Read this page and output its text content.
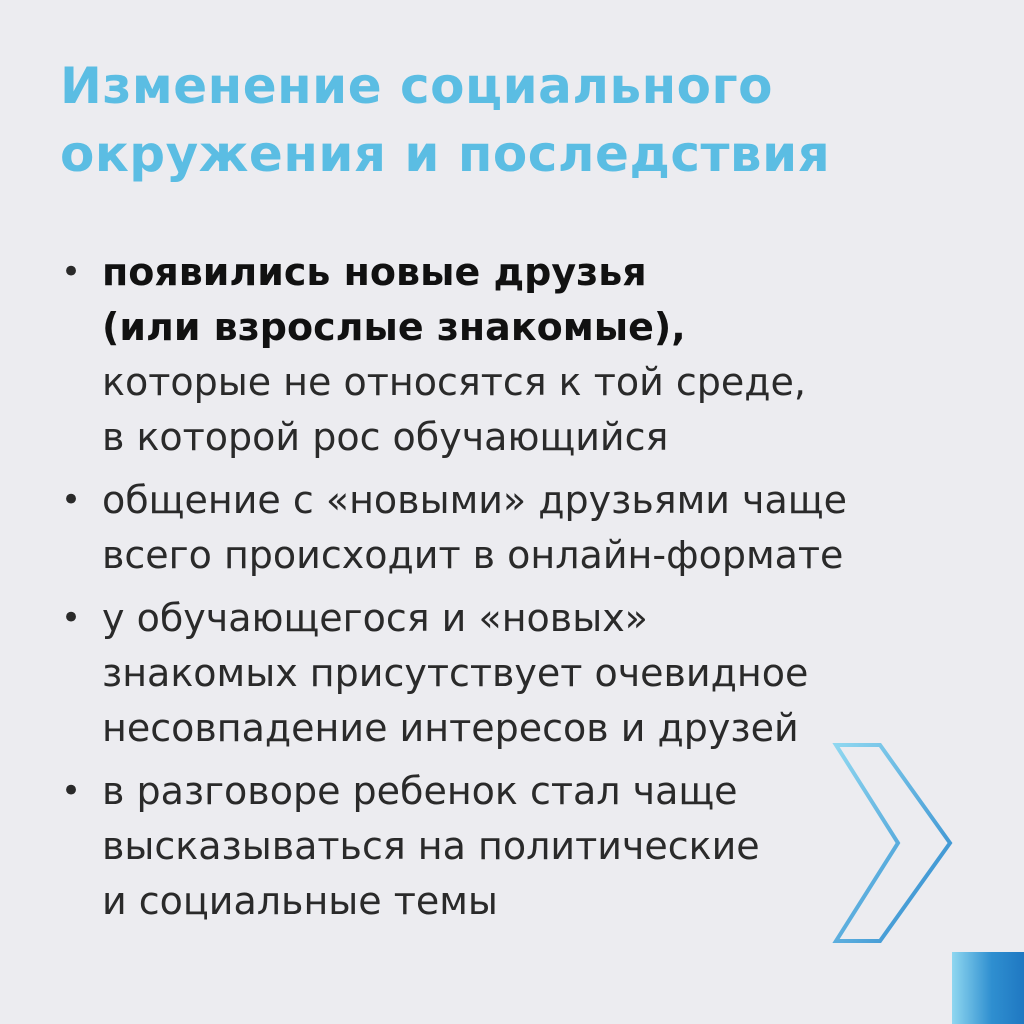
Изменение социального
окружения и последствия
• появились новые друзья
(или взрослые знакомые),
которые не относятся к той среде,
в которой рос обучающийся
• общение с «новыми» друзьями чаще
всего происходит в онлайн-формате
• у обучающегося и «новых»
знакомых присутствует очевидное
несовпадение интересов и друзей
• в разговоре ребенок стал чаще
высказываться на политические
и социальные темы
